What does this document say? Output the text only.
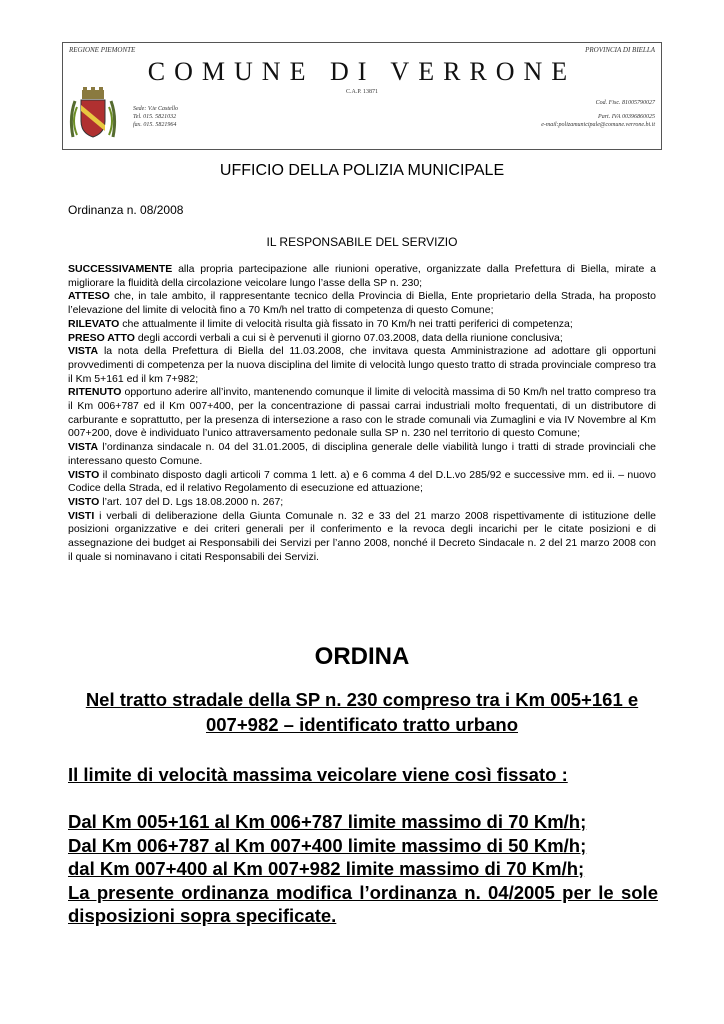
REGIONE PIEMONTE	PROVINCIA DI BIELLA
COMUNE DI VERRONE
C.A.P. 13871
Sede: V.ie Castello
Tel. 015. 5821032
fax. 015. 5821964
Cod. Fisc. 81005790027
Part. IVA 00396860025
e-mail:polizamunicipale@comune.verrone.bi.it
UFFICIO DELLA POLIZIA MUNICIPALE
Ordinanza n. 08/2008
IL RESPONSABILE DEL SERVIZIO

SUCCESSIVAMENTE alla propria partecipazione alle riunioni operative, organizzate dalla Prefettura di Biella, mirate a migliorare la fluidità della circolazione veicolare lungo l’asse della SP n. 230;

ATTESO che, in tale ambito, il rappresentante tecnico della Provincia di Biella, Ente proprietario della Strada, ha proposto l’elevazione del limite di velocità fino a 70 Km/h nel tratto di competenza di questo Comune;

RILEVATO che attualmente il limite di velocità risulta già fissato in 70 Km/h nei tratti periferici di competenza;

PRESO ATTO degli accordi verbali a cui si è pervenuti il giorno 07.03.2008, data della riunione conclusiva;

VISTA la nota della Prefettura di Biella del 11.03.2008, che invitava questa Amministrazione ad adottare gli opportuni provvedimenti di competenza per la nuova disciplina del limite di velocità lungo questo tratto di strada provinciale compreso tra il Km 5+161 ed il km 7+982;

RITENUTO opportuno aderire all’invito, mantenendo comunque il limite di velocità massima di 50 Km/h nel tratto compreso tra il Km 006+787 ed il Km 007+400, per la concentrazione di passai carrai industriali molto frequentati, di un distributore di carburante e soprattutto, per la presenza di intersezione a raso con le strade comunali via Zumaglini e via IV Novembre al Km 007+200, dove è individuato l’unico attraversamento pedonale sulla SP n. 230 nel territorio di questo Comune;

VISTA l’ordinanza sindacale n. 04 del 31.01.2005, di disciplina generale delle viabilità lungo i tratti di strade provinciali che interessano questo Comune.

VISTO il combinato disposto dagli articoli 7 comma 1 lett. a) e 6 comma 4 del D.L.vo 285/92 e successive mm. ed ii. – nuovo Codice della Strada, ed il relativo Regolamento di esecuzione ed attuazione;

VISTO l’art. 107 del D. Lgs 18.08.2000 n. 267;

VISTI i verbali di deliberazione della Giunta Comunale n. 32 e 33 del 21 marzo 2008 rispettivamente di istituzione delle posizioni organizzative e dei criteri generali per il conferimento e la revoca degli incarichi per le citate posizioni e di assegnazione dei budget ai Responsabili dei Servizi per l’anno 2008, nonché il Decreto Sindacale n. 2 del 21 marzo 2008 con il quale si nominavano i citati Responsabili dei Servizi.

ORDINA
Nel tratto stradale della SP n. 230 compreso tra i Km 005+161 e 007+982 – identificato tratto urbano
Il limite di velocità massima veicolare viene così fissato :

Dal Km 005+161 al Km 006+787 limite massimo di 70 Km/h;

Dal Km 006+787 al Km 007+400 limite massimo di 50 Km/h;

dal Km 007+400 al Km 007+982 limite massimo di 70 Km/h;

La presente ordinanza modifica l’ordinanza n. 04/2005 per le sole disposizioni sopra specificate.
